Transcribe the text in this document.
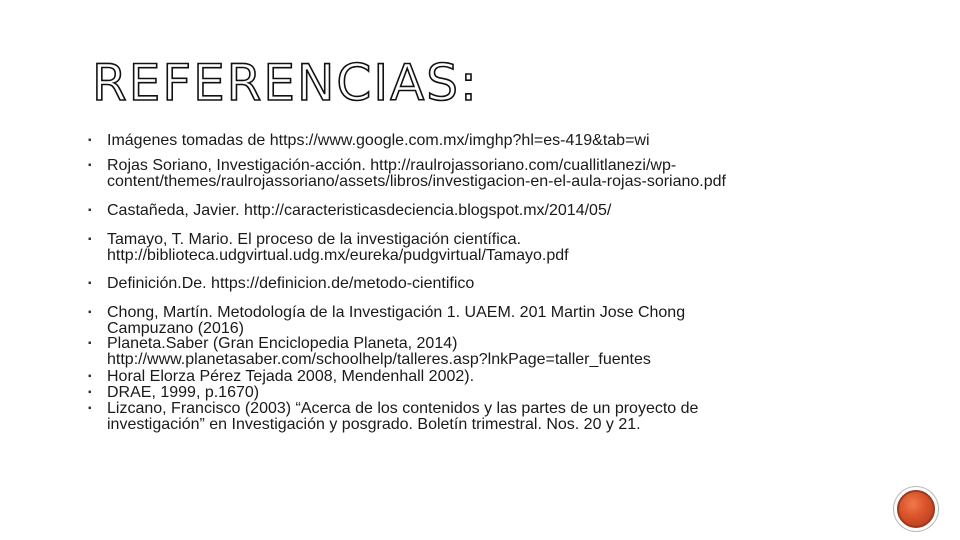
REFERENCIAS:
▪ Imágenes tomadas de https://www.google.com.mx/imghp?hl=es-419&tab=wi
▪ Rojas Soriano, Investigación-acción. http://raulrojassoriano.com/cuallitlanezi/wp-
content/themes/raulrojassoriano/assets/libros/investigacion-en-el-aula-rojas-soriano.pdf
▪ Castañeda, Javier. http://caracteristicasdeciencia.blogspot.mx/2014/05/
▪ Tamayo, T. Mario. El proceso de la investigación científica.
http://biblioteca.udgvirtual.udg.mx/eureka/pudgvirtual/Tamayo.pdf
▪ Definición.De. https://definicion.de/metodo-cientifico
▪ Chong, Martín. Metodología de la Investigación 1. UAEM. 201 Martin Jose Chong
Campuzano (2016)
▪ Planeta.Saber (Gran Enciclopedia Planeta, 2014)
http://www.planetasaber.com/schoolhelp/talleres.asp?lnkPage=taller_fuentes
▪ Horal Elorza Pérez Tejada 2008, Mendenhall 2002).
▪ DRAE, 1999, p.1670)
▪ Lizcano, Francisco (2003) “Acerca de los contenidos y las partes de un proyecto de
investigación” en Investigación y posgrado. Boletín trimestral. Nos. 20 y 21.
